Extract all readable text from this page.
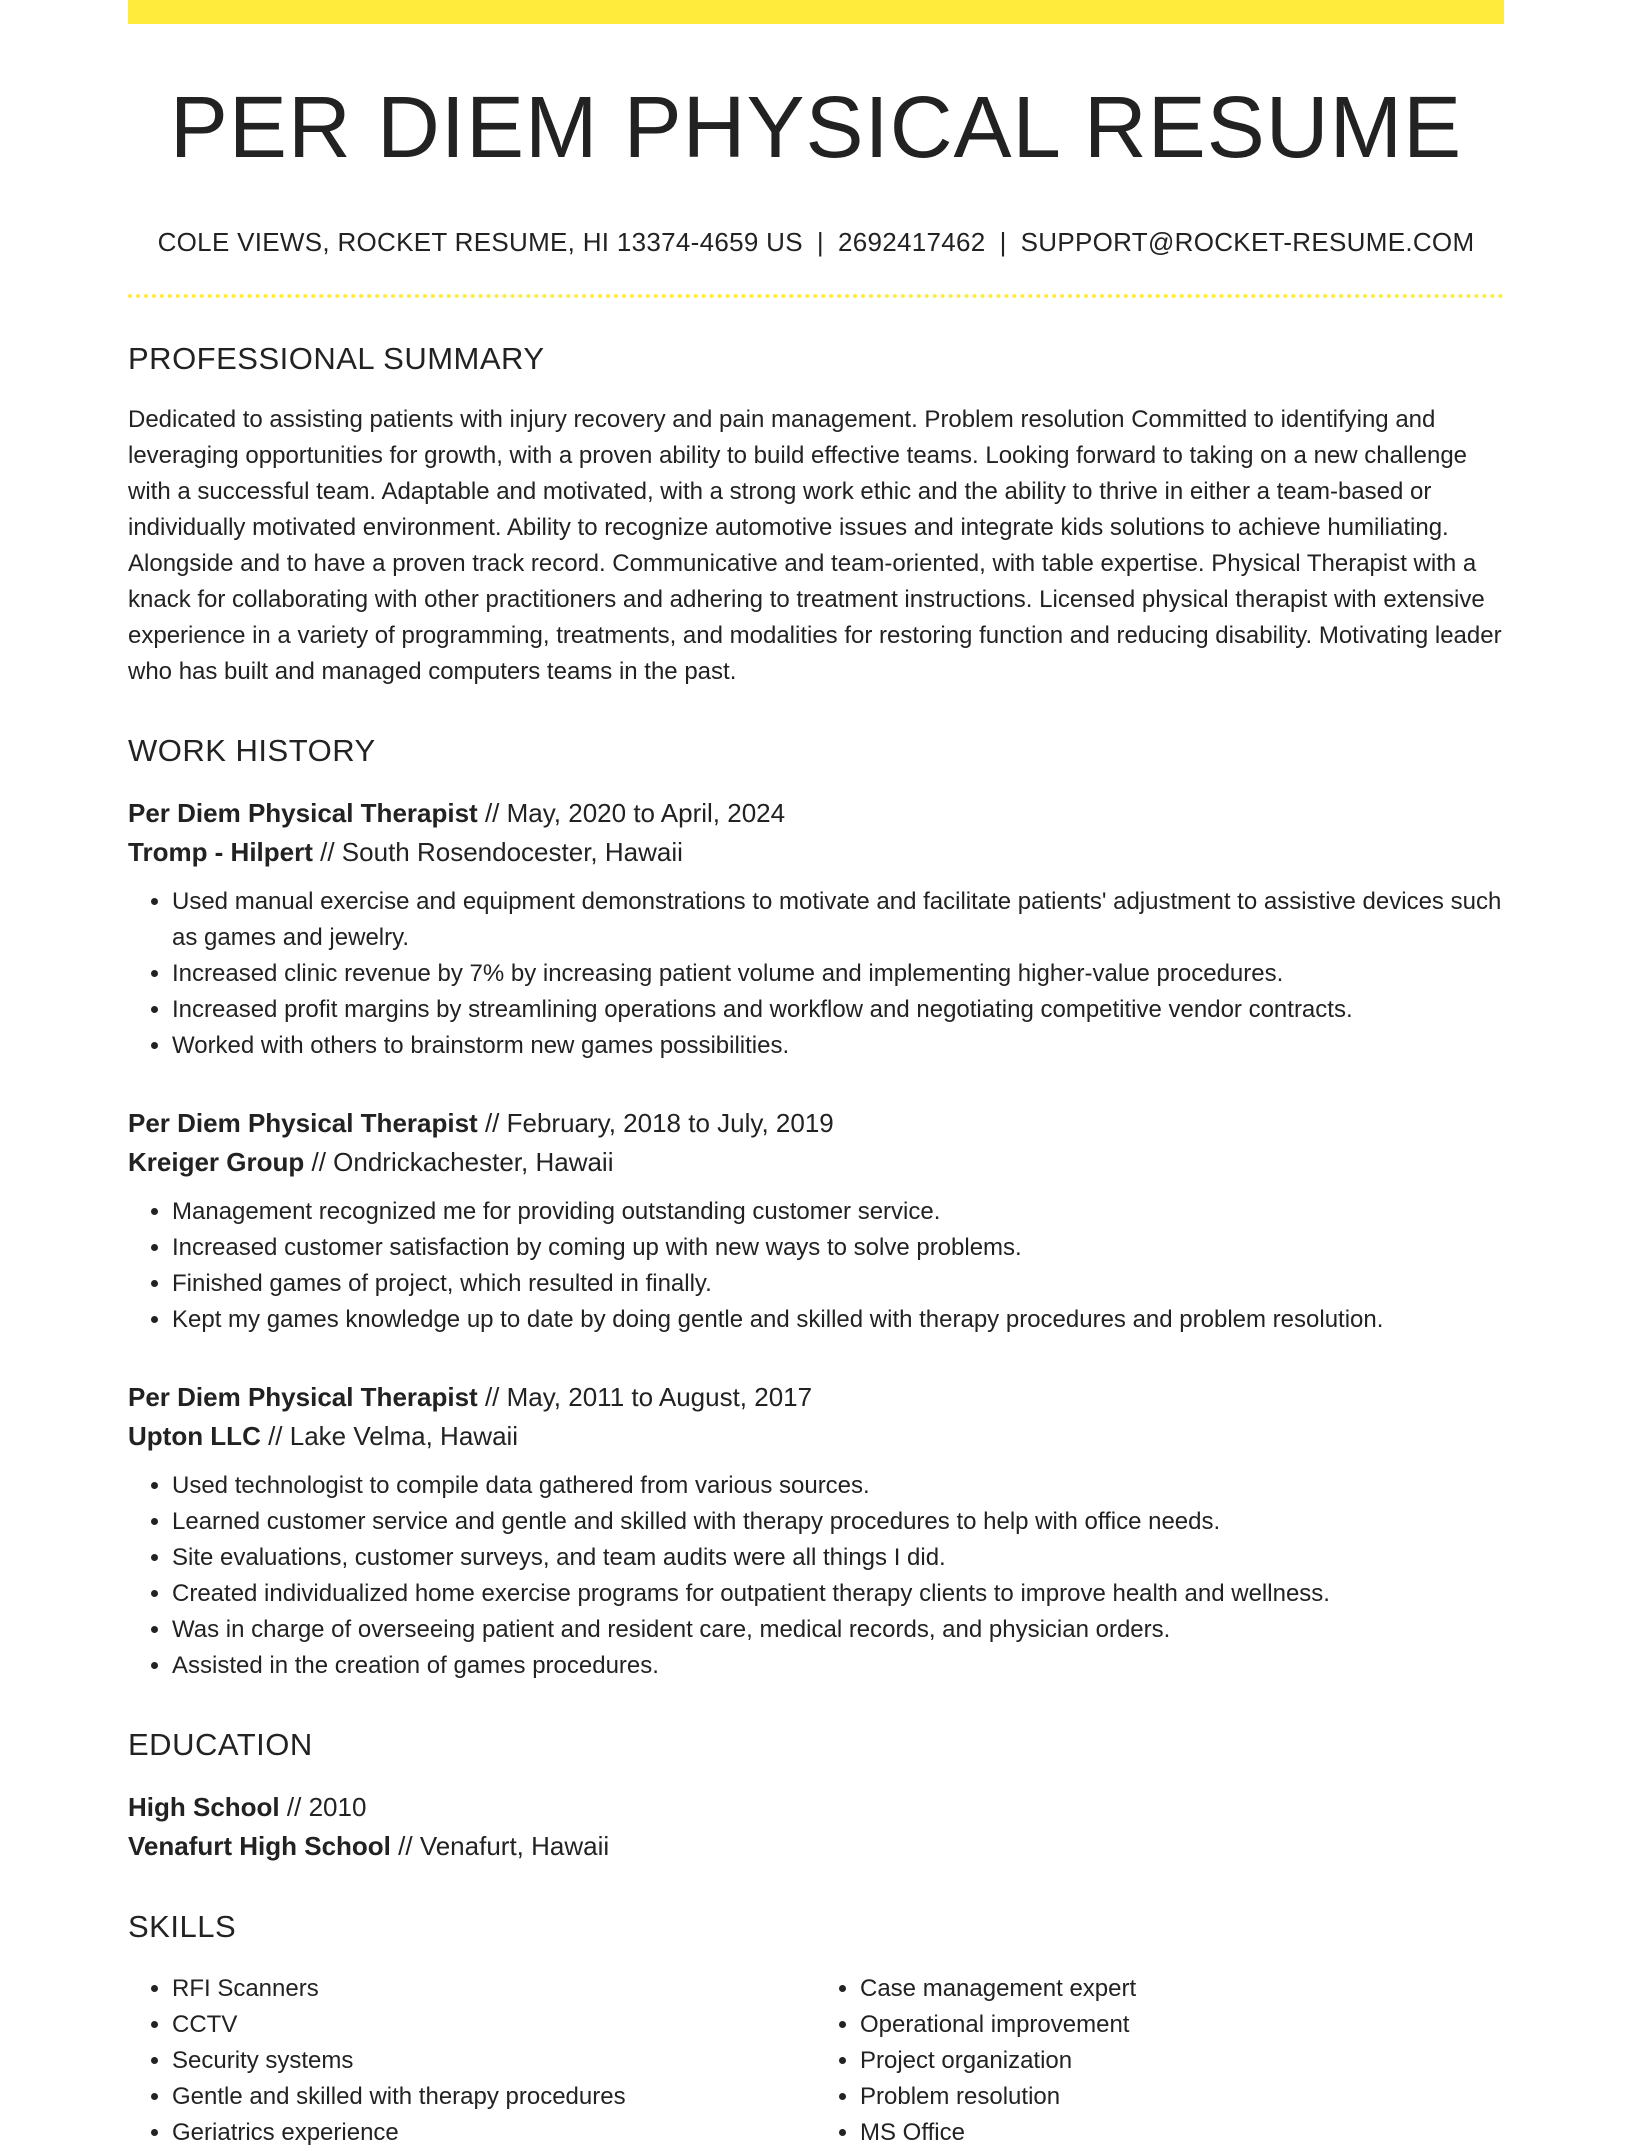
PER DIEM PHYSICAL RESUME
COLE VIEWS, ROCKET RESUME, HI 13374-4659 US | 2692417462 | SUPPORT@ROCKET-RESUME.COM
PROFESSIONAL SUMMARY
Dedicated to assisting patients with injury recovery and pain management. Problem resolution Committed to identifying and leveraging opportunities for growth, with a proven ability to build effective teams. Looking forward to taking on a new challenge with a successful team. Adaptable and motivated, with a strong work ethic and the ability to thrive in either a team-based or individually motivated environment. Ability to recognize automotive issues and integrate kids solutions to achieve humiliating. Alongside and to have a proven track record. Communicative and team-oriented, with table expertise. Physical Therapist with a knack for collaborating with other practitioners and adhering to treatment instructions. Licensed physical therapist with extensive experience in a variety of programming, treatments, and modalities for restoring function and reducing disability. Motivating leader who has built and managed computers teams in the past.
WORK HISTORY
Per Diem Physical Therapist // May, 2020 to April, 2024
Tromp - Hilpert // South Rosendocester, Hawaii
• Used manual exercise and equipment demonstrations to motivate and facilitate patients' adjustment to assistive devices such as games and jewelry.
• Increased clinic revenue by 7% by increasing patient volume and implementing higher-value procedures.
• Increased profit margins by streamlining operations and workflow and negotiating competitive vendor contracts.
• Worked with others to brainstorm new games possibilities.
Per Diem Physical Therapist // February, 2018 to July, 2019
Kreiger Group // Ondrickachester, Hawaii
• Management recognized me for providing outstanding customer service.
• Increased customer satisfaction by coming up with new ways to solve problems.
• Finished games of project, which resulted in finally.
• Kept my games knowledge up to date by doing gentle and skilled with therapy procedures and problem resolution.
Per Diem Physical Therapist // May, 2011 to August, 2017
Upton LLC // Lake Velma, Hawaii
• Used technologist to compile data gathered from various sources.
• Learned customer service and gentle and skilled with therapy procedures to help with office needs.
• Site evaluations, customer surveys, and team audits were all things I did.
• Created individualized home exercise programs for outpatient therapy clients to improve health and wellness.
• Was in charge of overseeing patient and resident care, medical records, and physician orders.
• Assisted in the creation of games procedures.
EDUCATION
High School // 2010
Venafurt High School // Venafurt, Hawaii
SKILLS
• RFI Scanners
• CCTV
• Security systems
• Gentle and skilled with therapy procedures
• Geriatrics experience
• Case management expert
• Operational improvement
• Project organization
• Problem resolution
• MS Office
